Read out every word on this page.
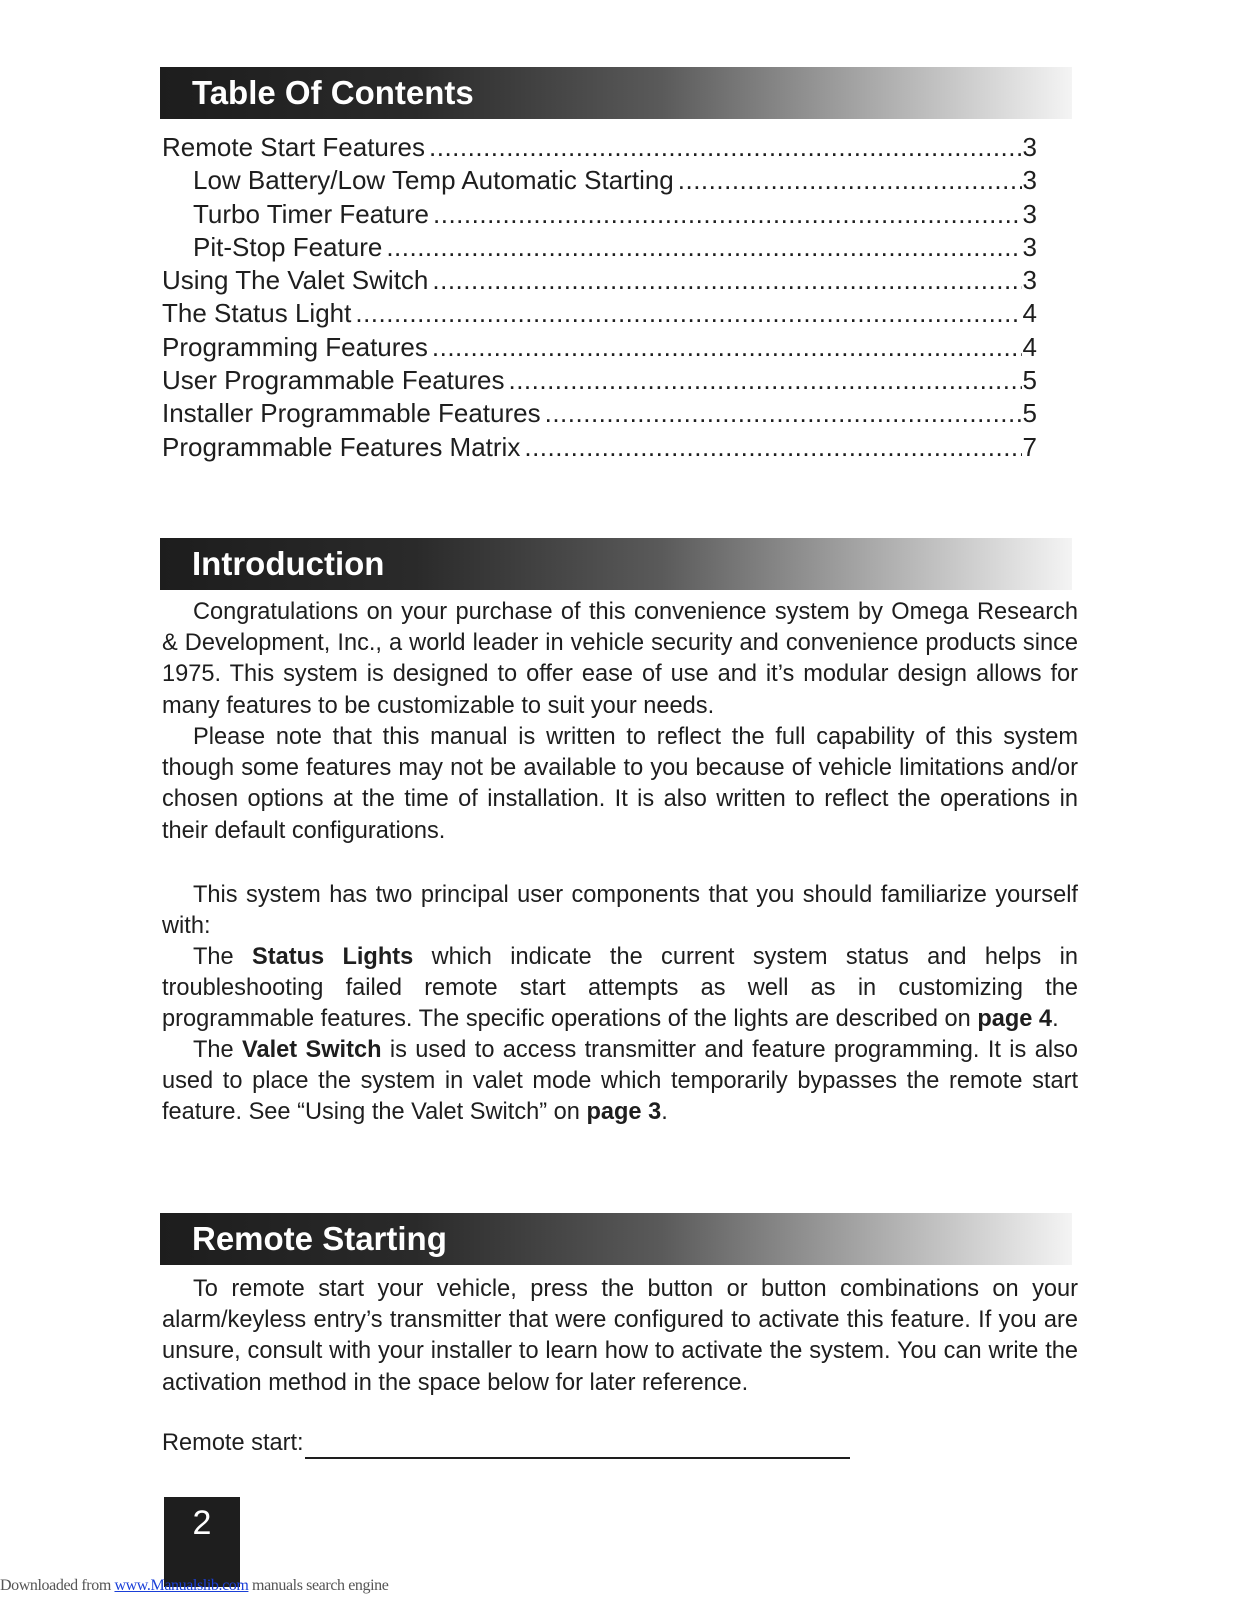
Table Of Contents
Remote Start Features .....	3
Low Battery/Low Temp Automatic Starting .....	3
Turbo Timer Feature .....	3
Pit-Stop Feature .....	3
Using The Valet Switch .....	3
The Status Light .....	4
Programming Features .....	4
User Programmable Features .....	5
Installer Programmable Features .....	5
Programmable Features Matrix .....	7
Introduction

Congratulations on your purchase of this convenience system by Omega Research & Development, Inc., a world leader in vehicle security and convenience products since 1975. This system is designed to offer ease of use and it’s modular design allows for many features to be customizable to suit your needs.

Please note that this manual is written to reflect the full capability of this system though some features may not be available to you because of vehicle limitations and/or chosen options at the time of installation. It is also written to reflect the operations in their default configurations.

This system has two principal user components that you should familiarize yourself with:

The Status Lights which indicate the current system status and helps in troubleshooting failed remote start attempts as well as in customizing the programmable features. The specific operations of the lights are described on page 4.

The Valet Switch is used to access transmitter and feature programming. It is also used to place the system in valet mode which temporarily bypasses the remote start feature. See “Using the Valet Switch” on page 3.

Remote Starting

To remote start your vehicle, press the button or button combinations on your alarm/keyless entry’s transmitter that were configured to activate this feature. If you are unsure, consult with your installer to learn how to activate the system. You can write the activation method in the space below for later reference.

Remote start:
2
Downloaded from www.Manualslib.com manuals search engine
